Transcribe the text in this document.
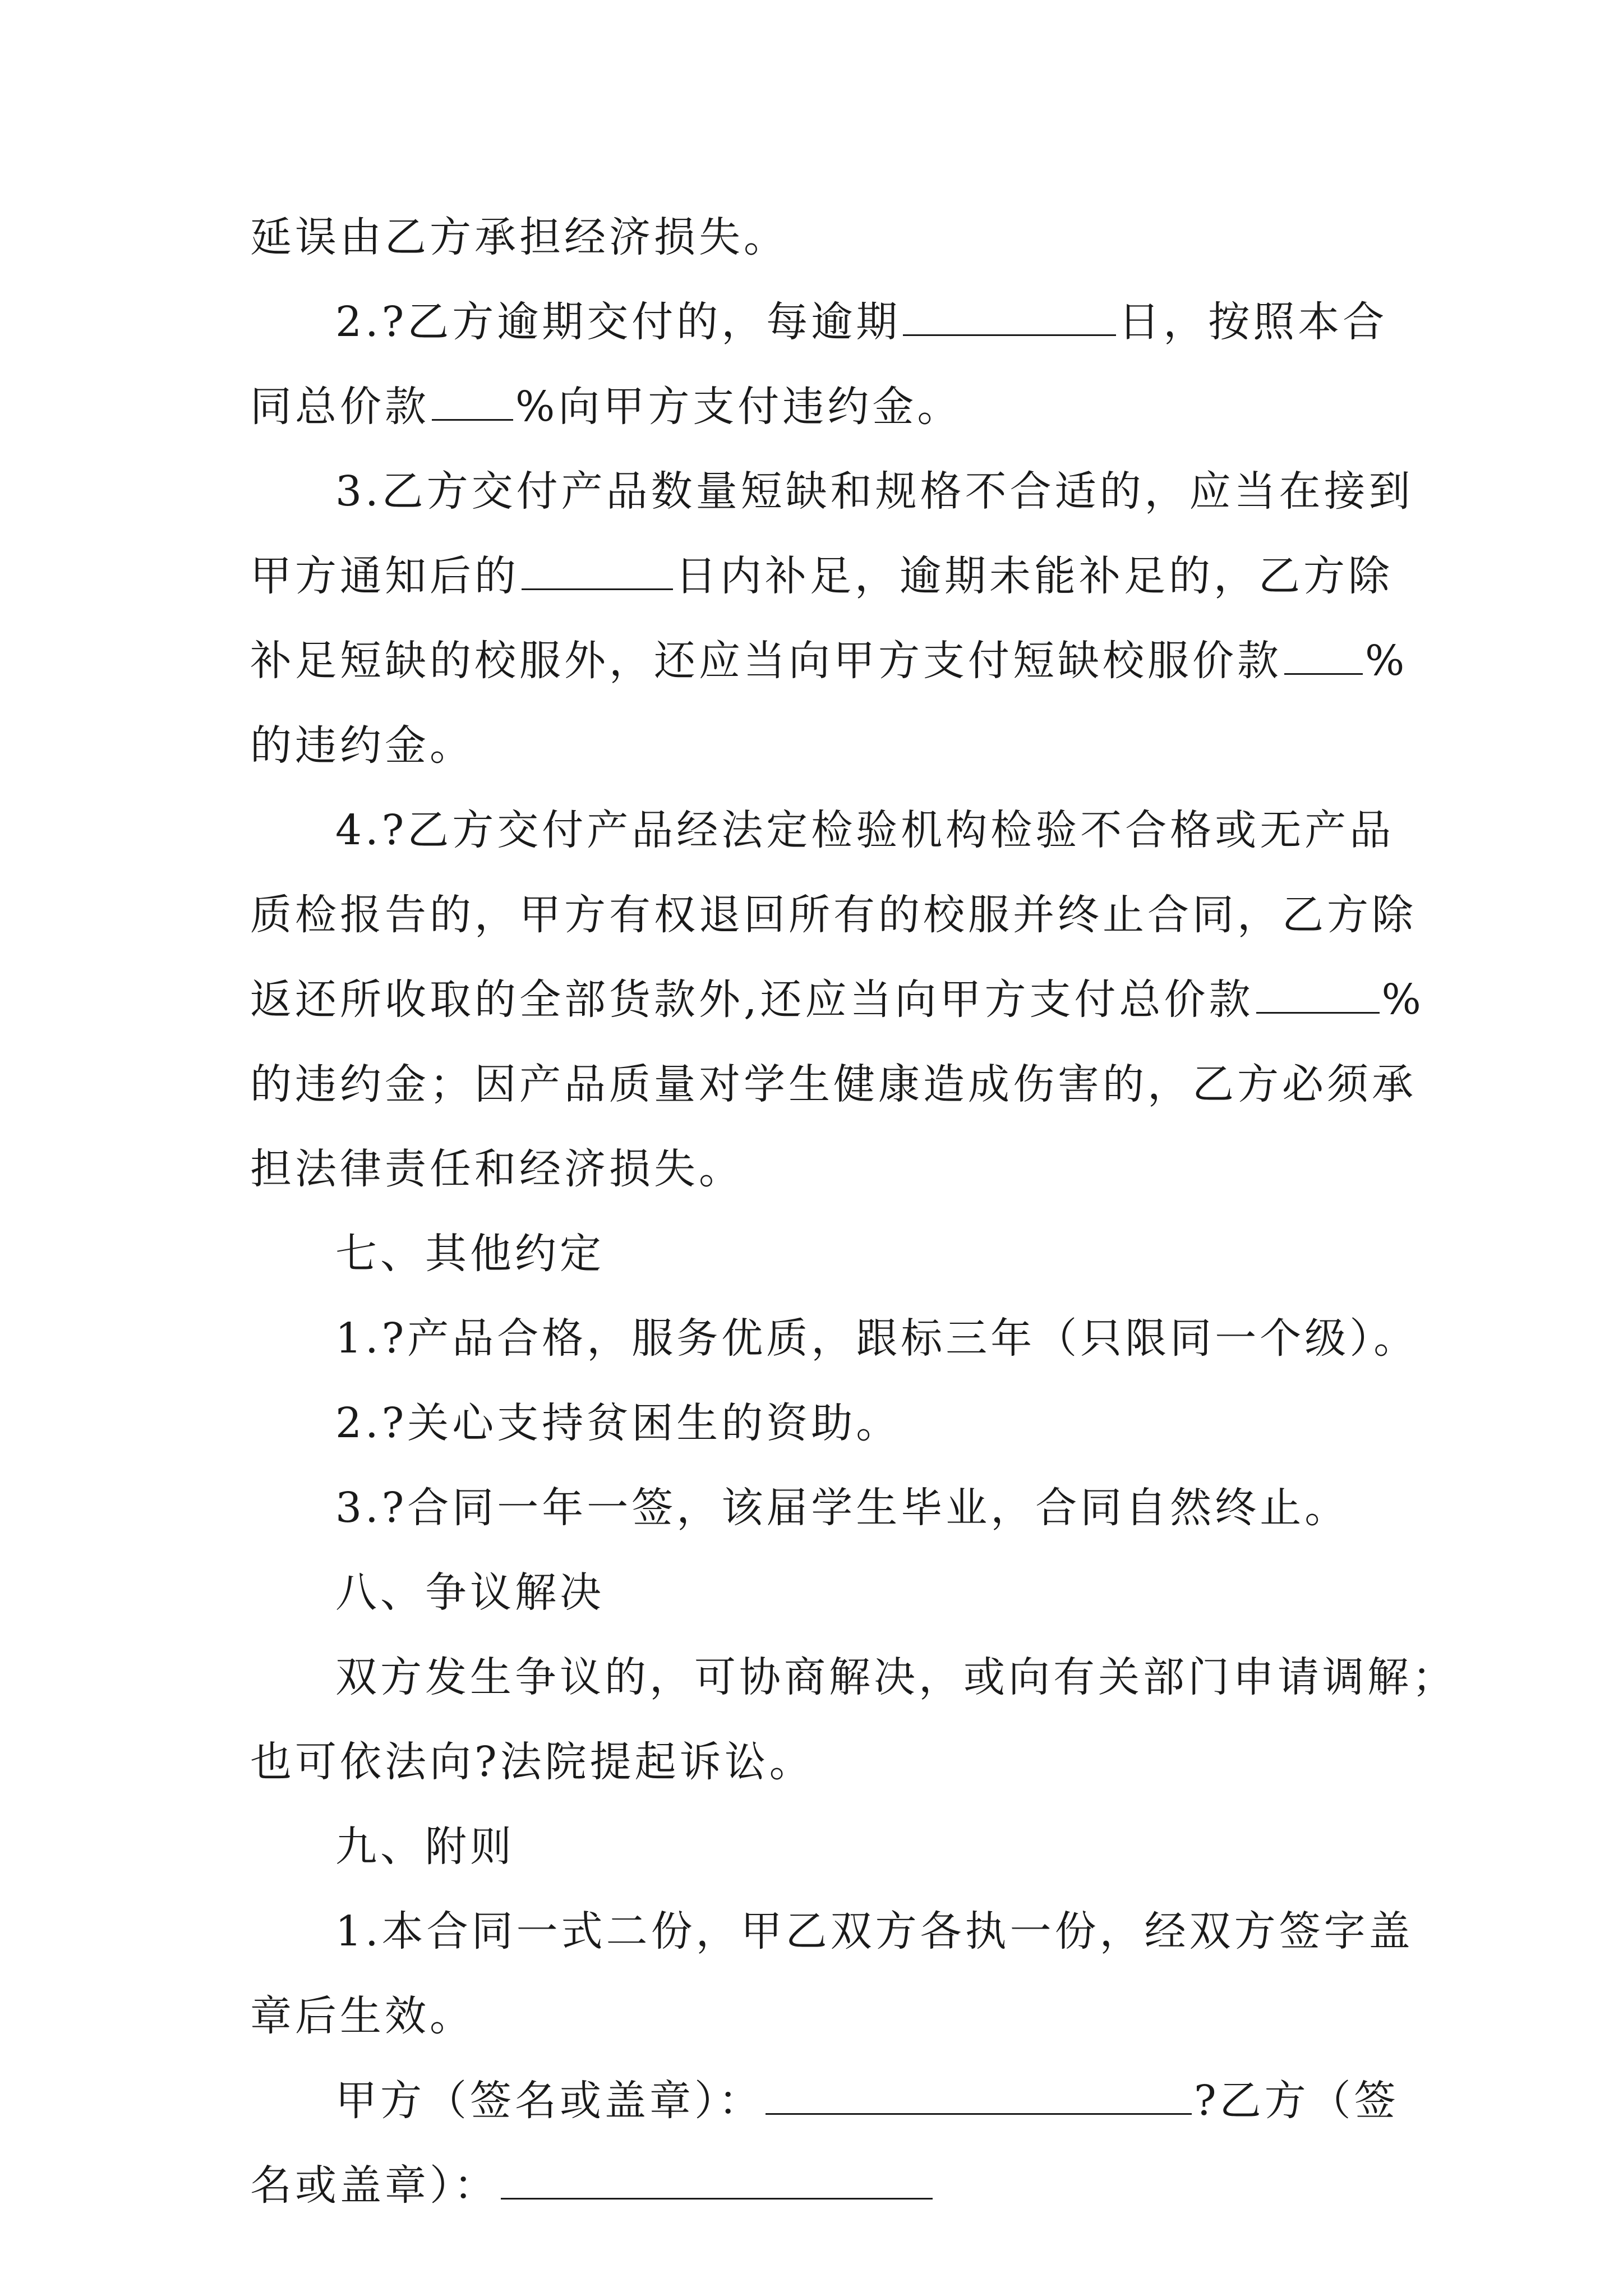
延误由乙方承担经济损失。
2.?乙方逾期交付的，每逾期	日，按照本合
同总价款 %向甲方支付违约金。
3.乙方交付产品数量短缺和规格不合适的，应当在接到
甲方通知后的	日内补足，逾期未能补足的，乙方除
补足短缺的校服外，还应当向甲方支付短缺校服价款 %
的违约金。
4.?乙方交付产品经法定检验机构检验不合格或无产品
质检报告的，甲方有权退回所有的校服并终止合同，乙方除
返还所收取的全部货款外,还应当向甲方支付总价款	%
的违约金；因产品质量对学生健康造成伤害的，乙方必须承
担法律责任和经济损失。
七、其他约定
1.?产品合格，服务优质，跟标三年（只限同一个级）。
2.?关心支持贫困生的资助。
3.?合同一年一签，该届学生毕业，合同自然终止。
八、争议解决
双方发生争议的，可协商解决，或向有关部门申请调解；
也可依法向?法院提起诉讼。
九、附则
1.本合同一式二份，甲乙双方各执一份，经双方签字盖
章后生效。
甲方（签名或盖章）：	?乙方（签
名或盖章）：
